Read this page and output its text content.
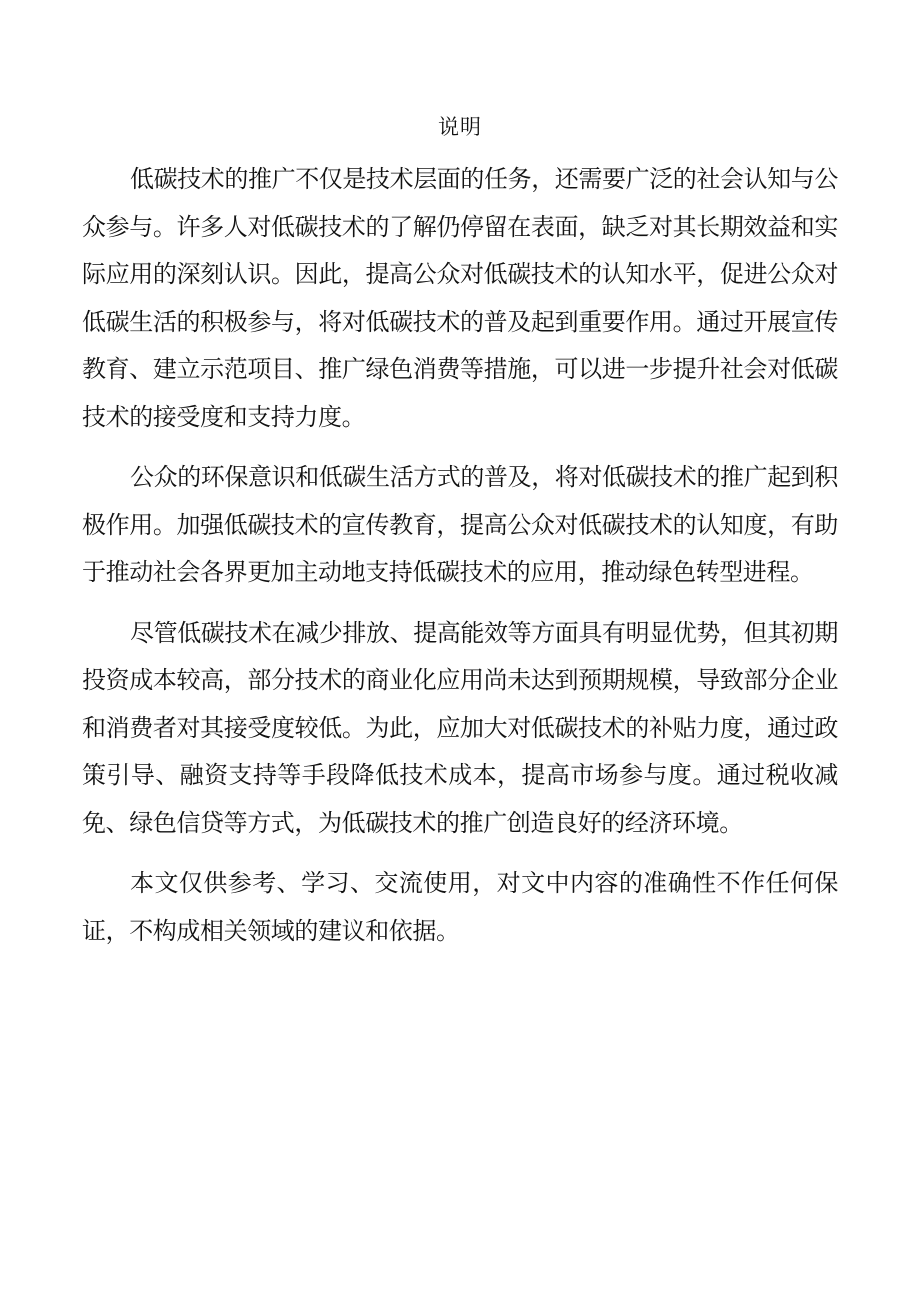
说明

低碳技术的推广不仅是技术层面的任务，还需要广泛的社会认知与公众参与。许多人对低碳技术的了解仍停留在表面，缺乏对其长期效益和实际应用的深刻认识。因此，提高公众对低碳技术的认知水平，促进公众对低碳生活的积极参与，将对低碳技术的普及起到重要作用。通过开展宣传教育、建立示范项目、推广绿色消费等措施，可以进一步提升社会对低碳技术的接受度和支持力度。

公众的环保意识和低碳生活方式的普及，将对低碳技术的推广起到积极作用。加强低碳技术的宣传教育，提高公众对低碳技术的认知度，有助于推动社会各界更加主动地支持低碳技术的应用，推动绿色转型进程。

尽管低碳技术在减少排放、提高能效等方面具有明显优势，但其初期投资成本较高，部分技术的商业化应用尚未达到预期规模，导致部分企业和消费者对其接受度较低。为此，应加大对低碳技术的补贴力度，通过政策引导、融资支持等手段降低技术成本，提高市场参与度。通过税收减免、绿色信贷等方式，为低碳技术的推广创造良好的经济环境。

本文仅供参考、学习、交流使用，对文中内容的准确性不作任何保证，不构成相关领域的建议和依据。
